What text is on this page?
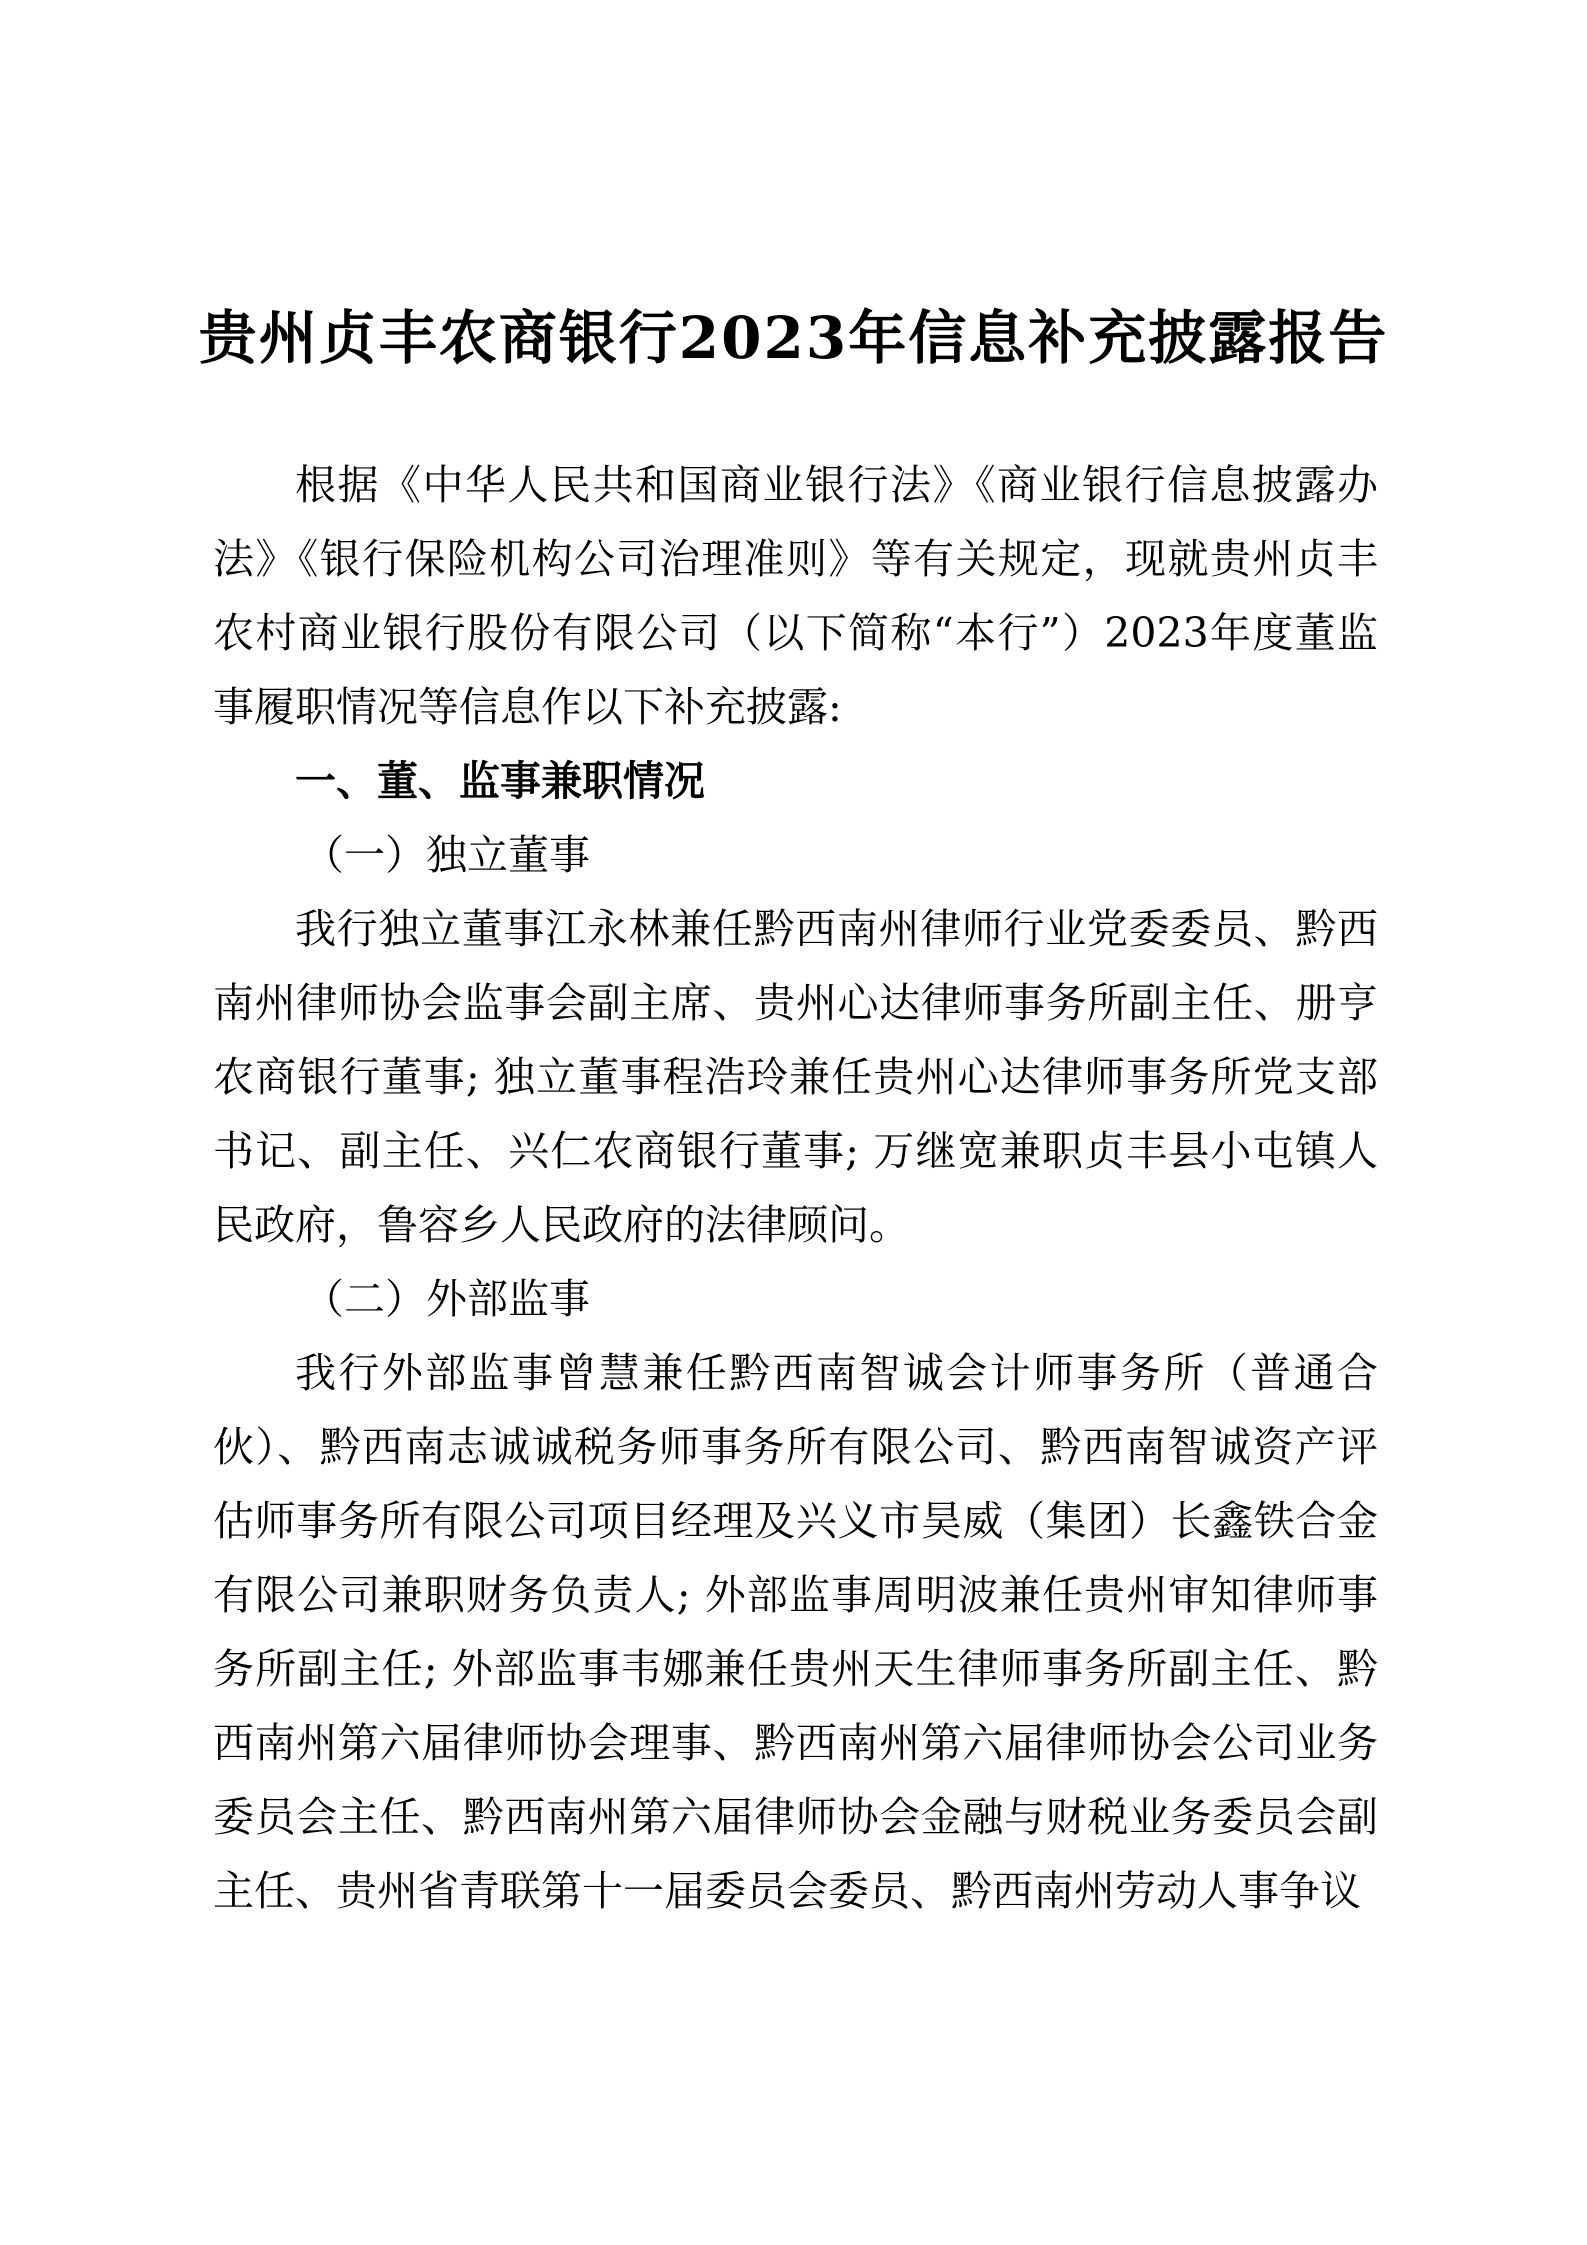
贵州贞丰农商银行2023年信息补充披露报告

根据《中华人民共和国商业银行法》《商业银行信息披露办法》《银行保险机构公司治理准则》等有关规定，现就贵州贞丰农村商业银行股份有限公司（以下简称“本行”）2023年度董监事履职情况等信息作以下补充披露:

一、董、监事兼职情况

（一）独立董事

我行独立董事江永林兼任黔西南州律师行业党委委员、黔西南州律师协会监事会副主席、贵州心达律师事务所副主任、册亨农商银行董事; 独立董事程浩玲兼任贵州心达律师事务所党支部书记、副主任、兴仁农商银行董事; 万继宽兼职贞丰县小屯镇人民政府，鲁容乡人民政府的法律顾问。

（二）外部监事

我行外部监事曾慧兼任黔西南智诚会计师事务所（普通合伙）、黔西南志诚诚税务师事务所有限公司、黔西南智诚资产评估师事务所有限公司项目经理及兴义市昊威（集团）长鑫铁合金有限公司兼职财务负责人; 外部监事周明波兼任贵州审知律师事务所副主任; 外部监事韦娜兼任贵州天生律师事务所副主任、黔西南州第六届律师协会理事、黔西南州第六届律师协会公司业务委员会主任、黔西南州第六届律师协会金融与财税业务委员会副主任、贵州省青联第十一届委员会委员、黔西南州劳动人事争议
